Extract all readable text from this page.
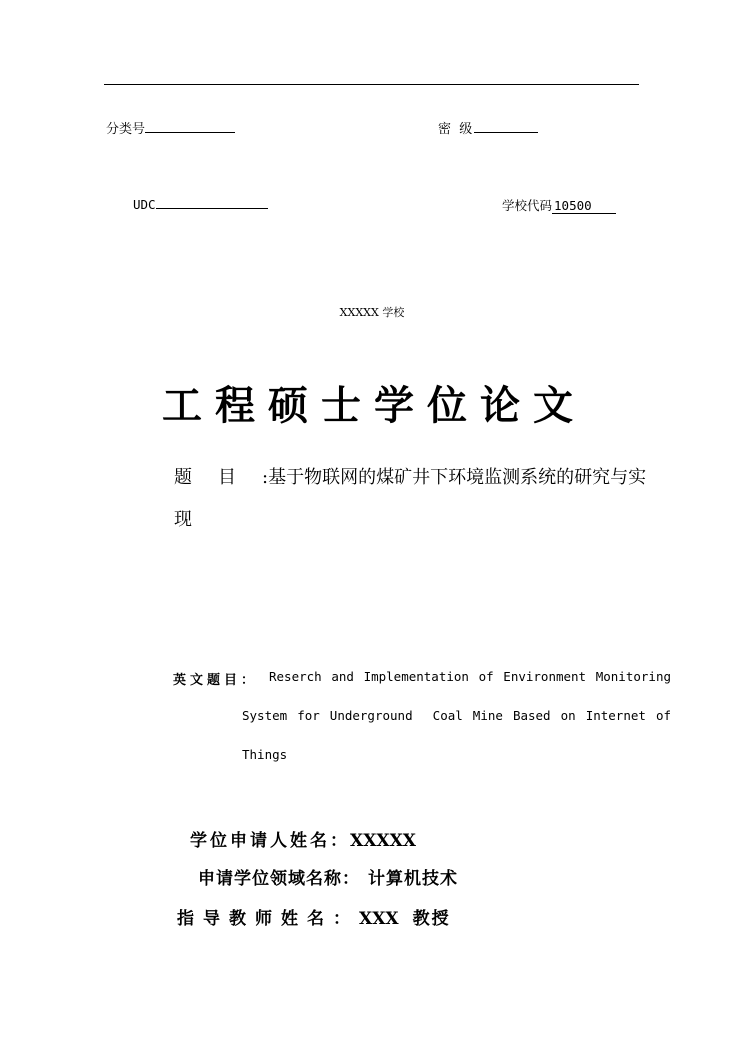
分类号	密  级
UDC	学校代码 10500
XXXXX 学校
工程硕士学位论文
题目:基于物联网的煤矿井下环境监测系统的研究与实
现
英文题目： Reserch and Implementation of Environment Monitoring
System for Underground  Coal Mine Based on Internet of
Things
学位申请人姓名：XXXXX
申请学位领域名称： 计算机技术
指导教师姓名：XXX 教授
